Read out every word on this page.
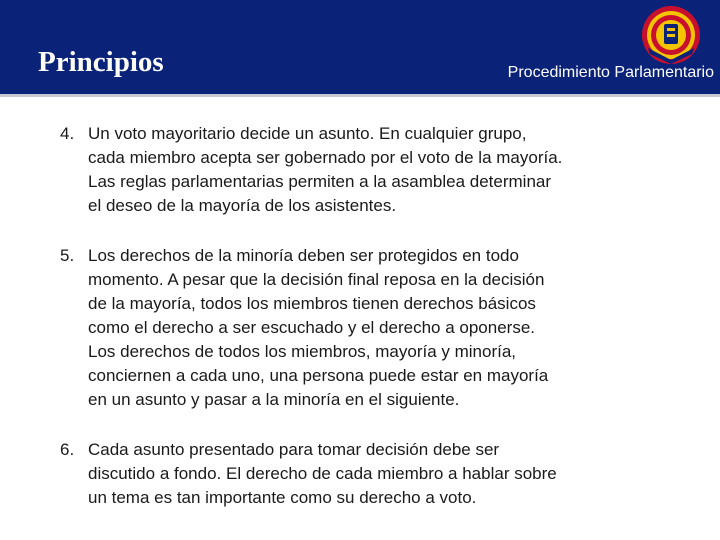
Principios	Procedimiento Parlamentario
4. Un voto mayoritario decide un asunto. En cualquier grupo,
cada miembro acepta ser gobernado por el voto de la mayoría.
Las reglas parlamentarias permiten a la asamblea determinar
el deseo de la mayoría de los asistentes.
5. Los derechos de la minoría deben ser protegidos en todo
momento. A pesar que la decisión final reposa en la decisión
de la mayoría, todos los miembros tienen derechos básicos
como el derecho a ser escuchado y el derecho a oponerse.
Los derechos de todos los miembros, mayoría y minoría,
conciernen a cada uno, una persona puede estar en mayoría
en un asunto y pasar a la minoría en el siguiente.
6. Cada asunto presentado para tomar decisión debe ser
discutido a fondo. El derecho de cada miembro a hablar sobre
un tema es tan importante como su derecho a voto.
